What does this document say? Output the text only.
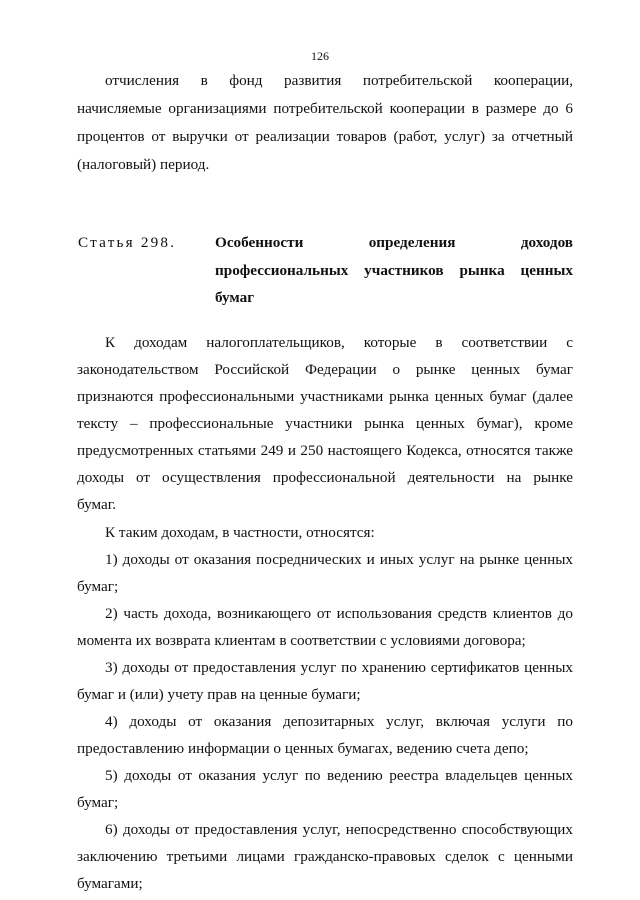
126
отчисления в фонд развития потребительской кооперации,
начисляемые организациями потребительской кооперации в размере до 6
процентов от выручки от реализации товаров (работ, услуг) за отчетный
(налоговый) период.
Статья 298.	Особенности определения доходов
профессиональных участников рынка ценных
бумаг
К доходам налогоплательщиков, которые в соответствии с
законодательством Российской Федерации о рынке ценных бумаг
признаются профессиональными участниками рынка ценных бумаг (далее
тексту – профессиональные участники рынка ценных бумаг), кроме
предусмотренных статьями 249 и 250 настоящего Кодекса, относятся также
доходы от осуществления профессиональной деятельности на рынке
бумаг.
К таким доходам, в частности, относятся:
1) доходы от оказания посреднических и иных услуг на рынке ценных
бумаг;
2) часть дохода, возникающего от использования средств клиентов до
момента их возврата клиентам в соответствии с условиями договора;
3) доходы от предоставления услуг по хранению сертификатов ценных
бумаг и (или) учету прав на ценные бумаги;
4) доходы от оказания депозитарных услуг, включая услуги по
предоставлению информации о ценных бумагах, ведению счета депо;
5) доходы от оказания услуг по ведению реестра владельцев ценных
бумаг;
6) доходы от предоставления услуг, непосредственно способствующих
заключению третьими лицами гражданско-правовых сделок с ценными
бумагами;
